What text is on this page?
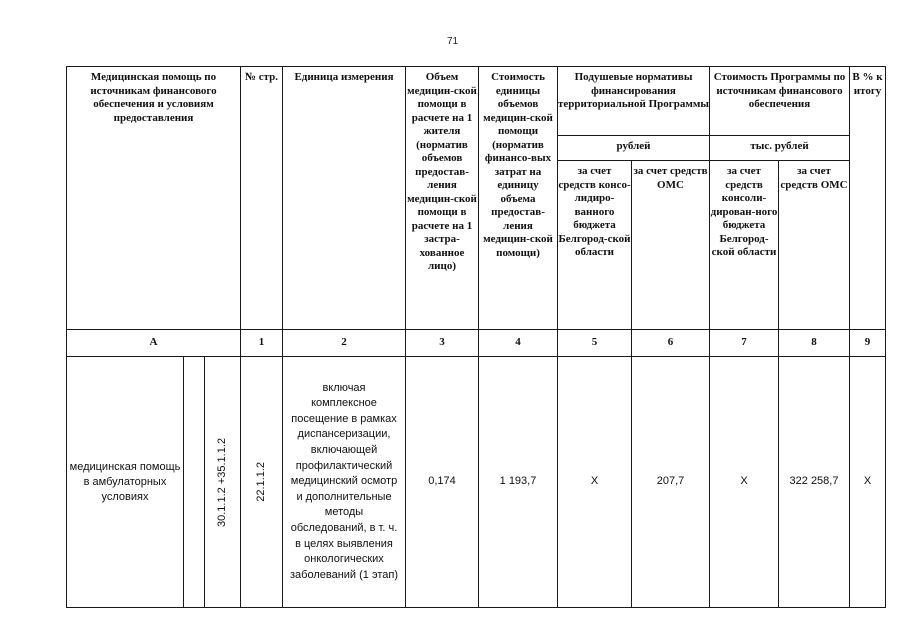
71
Медицинская помощь по источникам финансового обеспечения и условиям предоставления			№ стр.	Единица измерения	Объем медицин-ской помощи в расчете на 1 жителя (норматив объемов предостав-ления медицин-ской помощи в расчете на 1 застра-хованное лицо)	Стоимость единицы объемов медицин-ской помощи (норматив финансо-вых затрат на единицу объема предостав-ления медицин-ской помощи)	Подушевые нормативы финансирования территориальной Программы		Стоимость Программы по источникам финансового обеспечения		В % к итогу
							рублей		тыс. рублей		
							за счет средств консо-лидиро-ванного бюджета Белгород-ской области	за счет средств ОМС	за счет средств консоли-дирован-ного бюджета Белгород-ской области	за счет средств ОМС	
А			1	2	3	4	5	6	7	8	9
медицинская помощь в амбулаторных условиях		30.1.1.2 +35.1.1.2	22.1.1.2	включая комплексное посещение в рамках диспансеризации, включающей профилактический медицинский осмотр и дополнительные методы обследований, в т. ч. в целях выявления онкологических заболеваний (1 этап)	0,174	1 193,7	Х	207,7	Х	322 258,7	Х
